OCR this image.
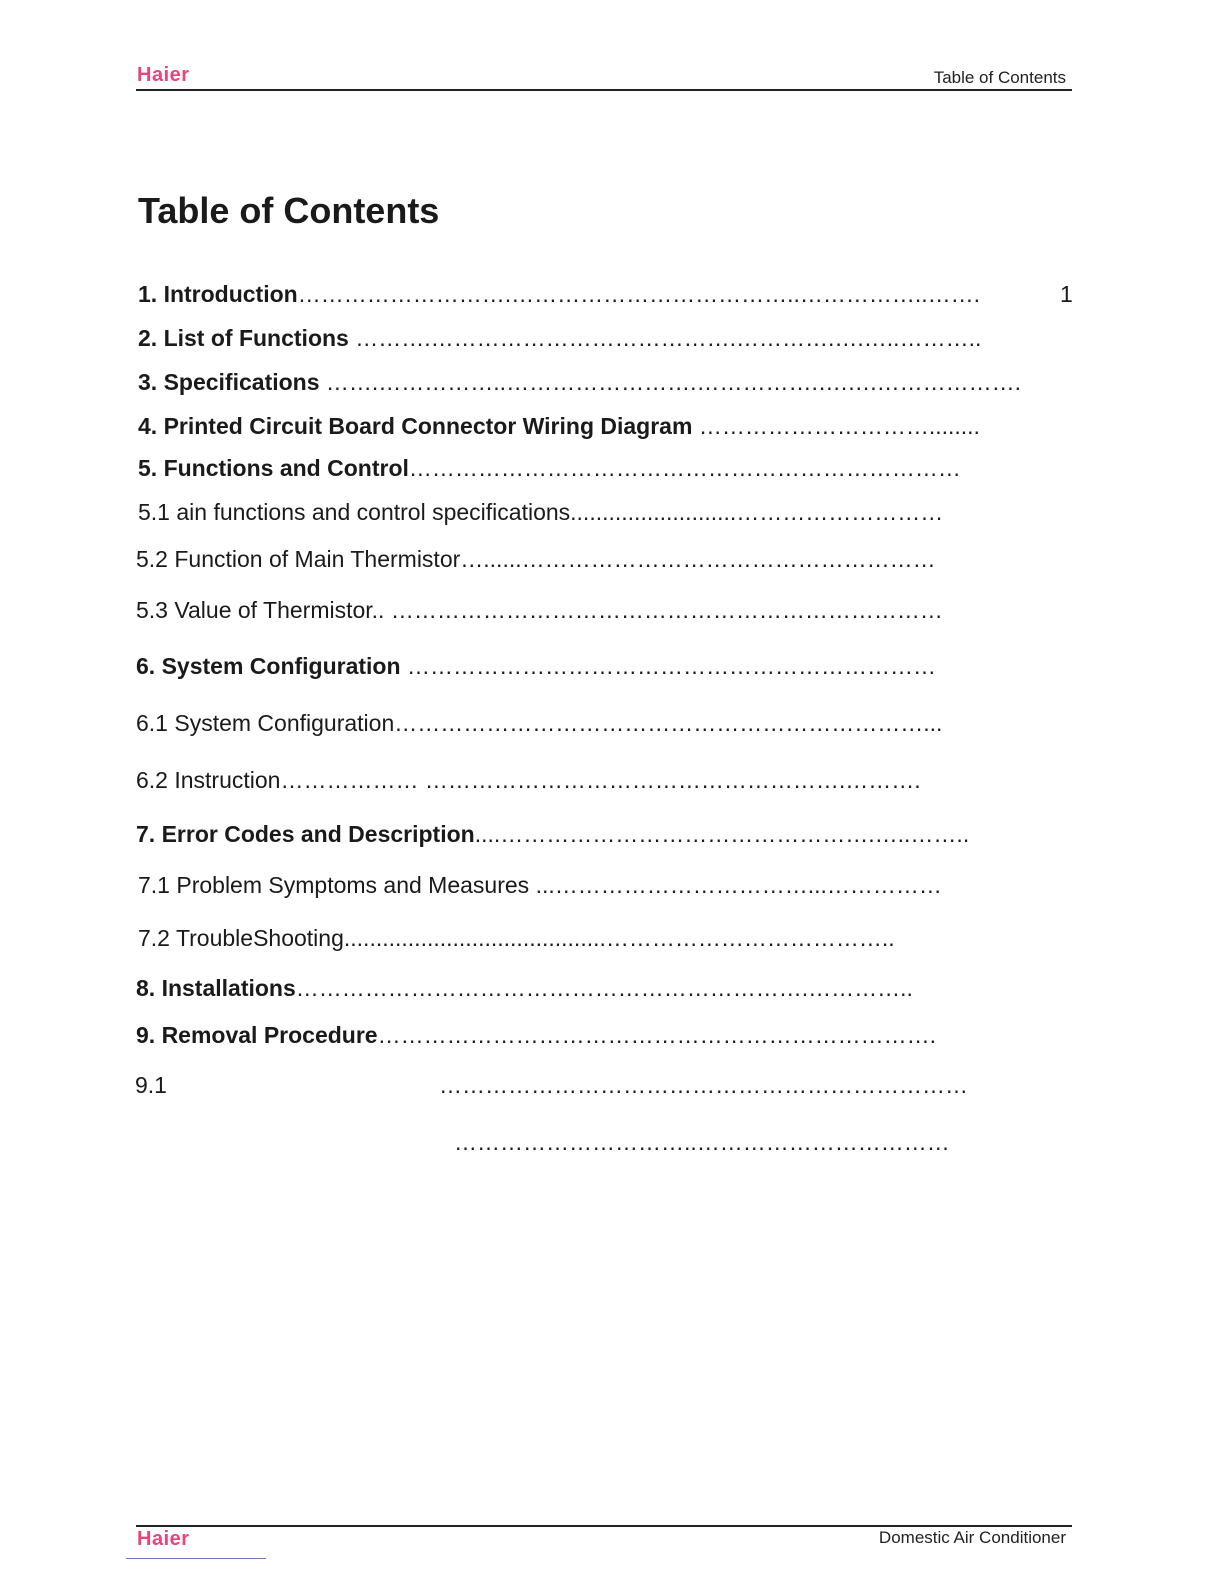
Haier	Table of Contents
Table of Contents
1. Introduction……………………….………………………………..……………..…….	1
2. List of Functions ……….………………………………….………….….…..………..
3. Specifications …….……………..…………………….…………….….….……………….
4. Printed Circuit Board Connector Wiring Diagram …………………………........
5. Functions and Control………………………………………………………………
5.1 ain functions and control specifications..........................………………………
5.2 Function of Main Thermistor…......………………………………………………
5.3 Value of Thermistor.. ………………………………………………………………
6. System Configuration ……………………………………………………………
6.1 System Configuration……………………………………………………………...
6.2 Instruction……………… ……………………………………………….……….
7. Error Codes and Description....………………………………………….…..……..
7.1 Problem Symptoms and Measures ...……………………………...……………
7.2 TroubleShooting.........................................………………………………..
8. Installations………………………………………………………….…………..
9. Removal Procedure……………………………………………………………….
9.1	……………………………………………………………
…………………………..……………………………
Haier	Domestic Air Conditioner
